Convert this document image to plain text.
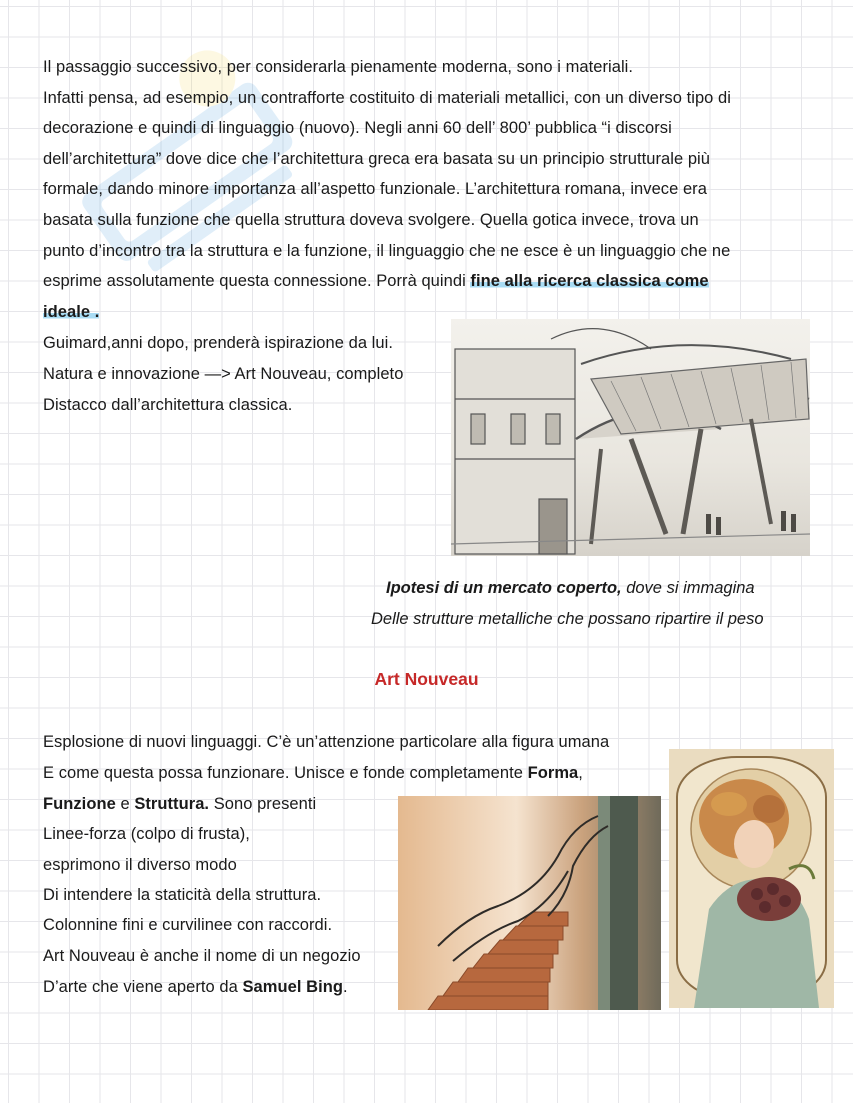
Il passaggio successivo, per considerarla pienamente moderna, sono i materiali.
Infatti pensa, ad esempio, un contrafforte costituito di materiali metallici, con un diverso tipo di
decorazione e quindi di linguaggio (nuovo). Negli anni 60 dell’ 800’ pubblica “i discorsi
dell’architettura” dove dice che l’architettura greca era basata su un principio strutturale più
formale, dando minore importanza all’aspetto funzionale. L’architettura romana, invece era
basata sulla funzione che quella struttura doveva svolgere. Quella gotica invece, trova un
punto d’incontro tra la struttura e la funzione, il linguaggio che ne esce è un linguaggio che ne
esprime assolutamente questa connessione. Porrà quindi fine alla ricerca classica come
ideale .
Guimard,anni dopo, prenderà ispirazione da lui.
Natura e innovazione —> Art Nouveau, completo
Distacco dall’architettura classica.
Ipotesi di un mercato coperto, dove si immagina
Delle strutture metalliche che possano ripartire il peso
Art Nouveau
Esplosione di nuovi linguaggi. C’è un’attenzione particolare alla figura umana
E come questa possa funzionare. Unisce e fonde completamente Forma,
Funzione e Struttura. Sono presenti
Linee-forza (colpo di frusta),
esprimono il diverso modo
Di intendere la staticità della struttura.
Colonnine fini e curvilinee con raccordi.
Art Nouveau è anche il nome di un negozio
D’arte che viene aperto da Samuel Bing.
